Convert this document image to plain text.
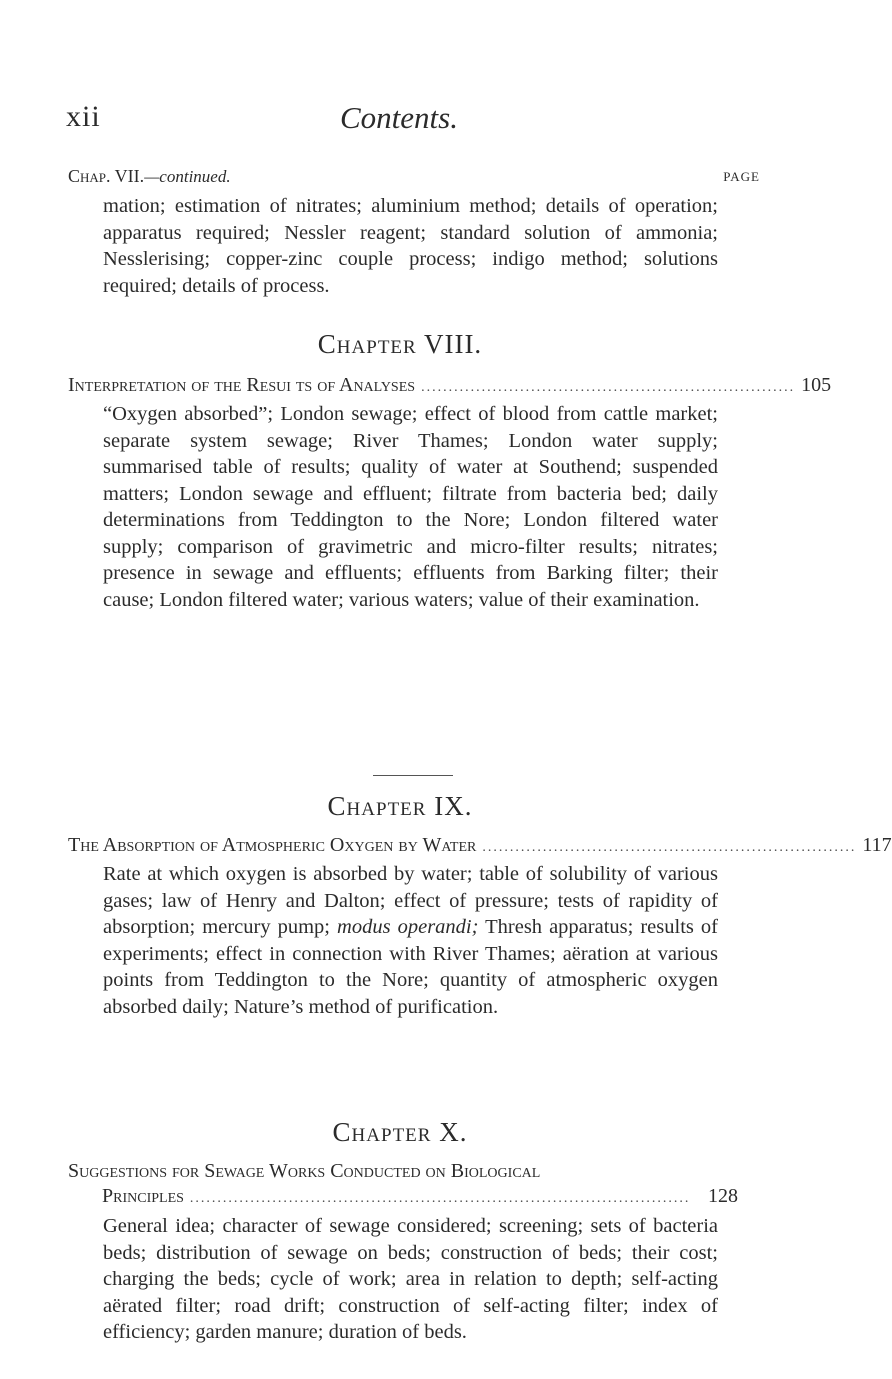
xii	Contents.
Chap. VII.—continued.	PAGE
mation; estimation of nitrates; aluminium method; details of operation; apparatus required; Nessler reagent; standard solution of ammonia; Nesslerising; copper-zinc couple process; indigo method; solutions required; details of process.
Chapter VIII.
Interpretation of the Resui ts of Analyses .................................................................... 105
“Oxygen absorbed”; London sewage; effect of blood from cattle market; separate system sewage; River Thames; London water supply; summarised table of results; quality of water at Southend; suspended matters; London sewage and effluent; filtrate from bacteria bed; daily determinations from Teddington to the Nore; London filtered water supply; comparison of gravimetric and micro-filter results; nitrates; presence in sewage and effluents; effluents from Barking filter; their cause; London filtered water; various waters; value of their examination.
Chapter IX.
The Absorption of Atmospheric Oxygen by Water .................................................................... 117
Rate at which oxygen is absorbed by water; table of solubility of various gases; law of Henry and Dalton; effect of pressure; tests of rapidity of absorption; mercury pump; modus operandi; Thresh apparatus; results of experiments; effect in connection with River Thames; aëration at various points from Teddington to the Nore; quantity of atmospheric oxygen absorbed daily; Nature’s method of purification.
Chapter X.
Suggestions for Sewage Works Conducted on Biological
Principles ........................................................................................... 128
General idea; character of sewage considered; screening; sets of bacteria beds; distribution of sewage on beds; construction of beds; their cost; charging the beds; cycle of work; area in relation to depth; self-acting aërated filter; road drift; construction of self-acting filter; index of efficiency; garden manure; duration of beds.
